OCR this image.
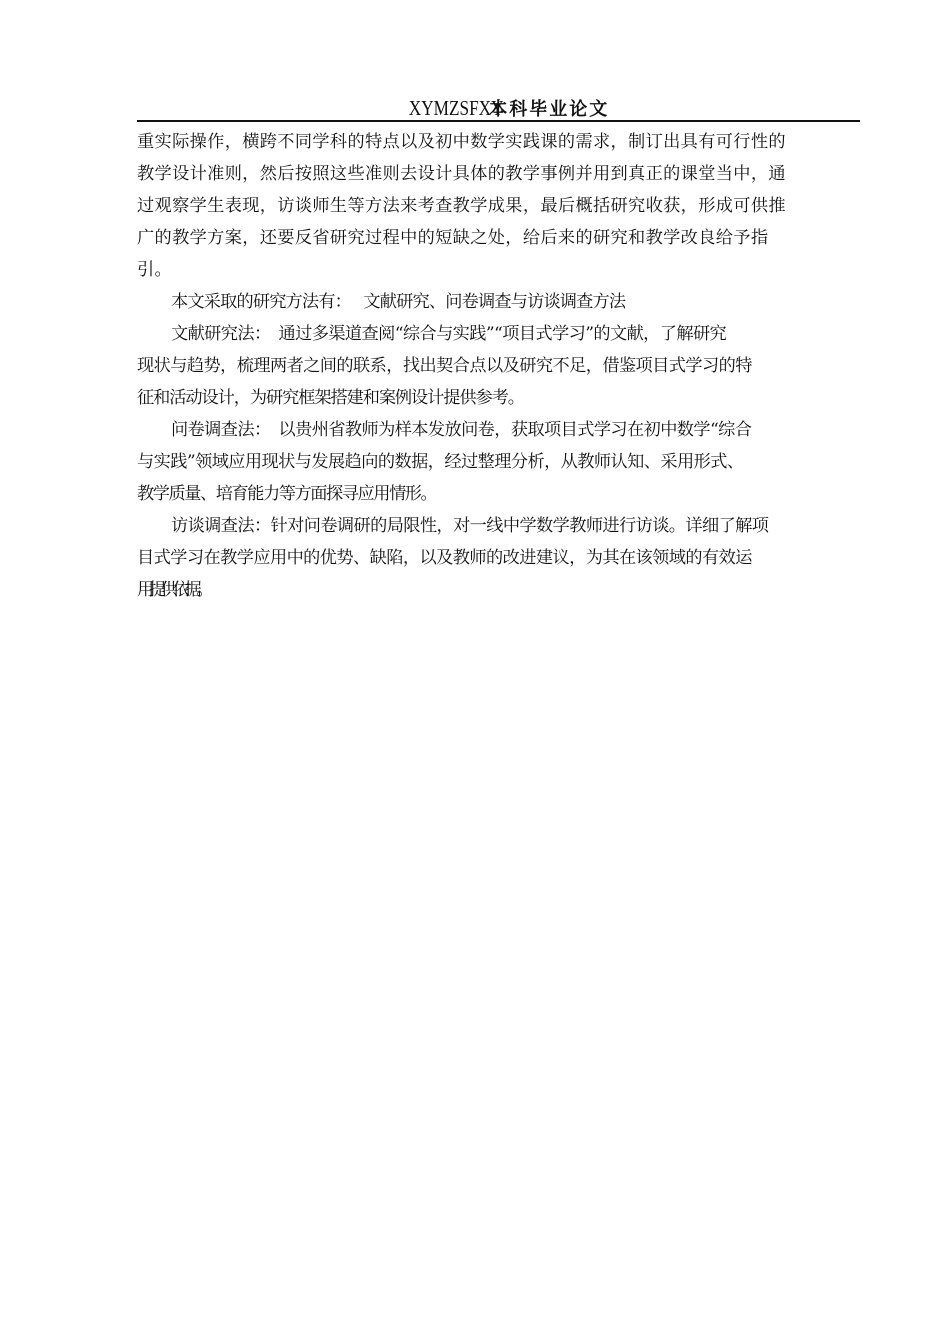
XYMZSFXY
本科毕业论文

重实际操作，横跨不同学科的特点以及初中数学实践课的需求，制订出具有可行性的
教学设计准则，然后按照这些准则去设计具体的教学事例并用到真正的课堂当中，通
过观察学生表现，访谈师生等方法来考查教学成果，最后概括研究收获，形成可供推
广的教学方案，还要反省研究过程中的短缺之处，给后来的研究和教学改良给予指
引。

本文采取的研究方法有：　 文献研究、问卷调查与访谈调查方法

文献研究法：　通过多渠道查阅“综合与实践”“项目式学习”的文献，了解研究
现状与趋势，梳理两者之间的联系，找出契合点以及研究不足，借鉴项目式学习的特
征和活动设计，为研究框架搭建和案例设计提供参考。

问卷调查法：　以贵州省教师为样本发放问卷，获取项目式学习在初中数学“综合
与实践”领域应用现状与发展趋向的数据，经过整理分析，从教师认知、采用形式、
教学质量、培育能力等方面探寻应用情形。

访谈调查法：针对问卷调研的局限性，对一线中学数学教师进行访谈。详细了解项
目式学习在教学应用中的优势、缺陷，以及教师的改进建议，为其在该领域的有效运
用提供依据。
